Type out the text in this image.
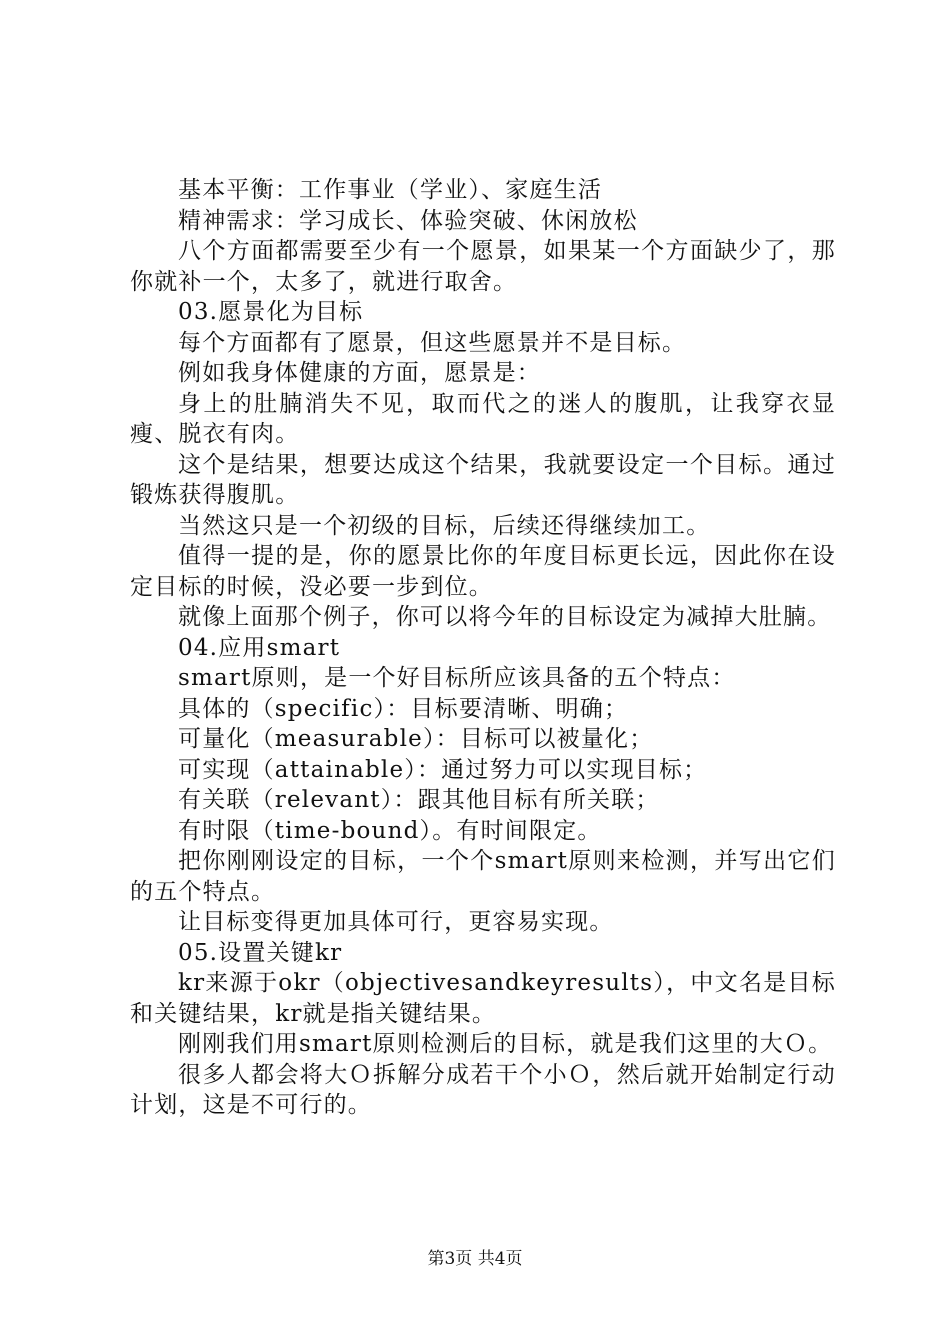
基本平衡：工作事业（学业）、家庭生活

精神需求：学习成长、体验突破、休闲放松

八个方面都需要至少有一个愿景，如果某一个方面缺少了，那你就补一个，太多了，就进行取舍。

03.愿景化为目标

每个方面都有了愿景，但这些愿景并不是目标。

例如我身体健康的方面，愿景是：

身上的肚腩消失不见，取而代之的迷人的腹肌，让我穿衣显瘦、脱衣有肉。

这个是结果，想要达成这个结果，我就要设定一个目标。通过锻炼获得腹肌。

当然这只是一个初级的目标，后续还得继续加工。

值得一提的是，你的愿景比你的年度目标更长远，因此你在设定目标的时候，没必要一步到位。

就像上面那个例子，你可以将今年的目标设定为减掉大肚腩。

04.应用smart

smart原则，是一个好目标所应该具备的五个特点：

具体的（specific）：目标要清晰、明确；

可量化（measurable）：目标可以被量化；

可实现（attainable）：通过努力可以实现目标；

有关联（relevant）：跟其他目标有所关联；

有时限（time-bound）。有时间限定。

把你刚刚设定的目标，一个个smart原则来检测，并写出它们的五个特点。

让目标变得更加具体可行，更容易实现。

05.设置关键kr

kr来源于okr（objectivesandkeyresults），中文名是目标和关键结果，kr就是指关键结果。

刚刚我们用smart原则检测后的目标，就是我们这里的大Ｏ。

很多人都会将大Ｏ拆解分成若干个小Ｏ，然后就开始制定行动计划，这是不可行的。

第3页 共4页
